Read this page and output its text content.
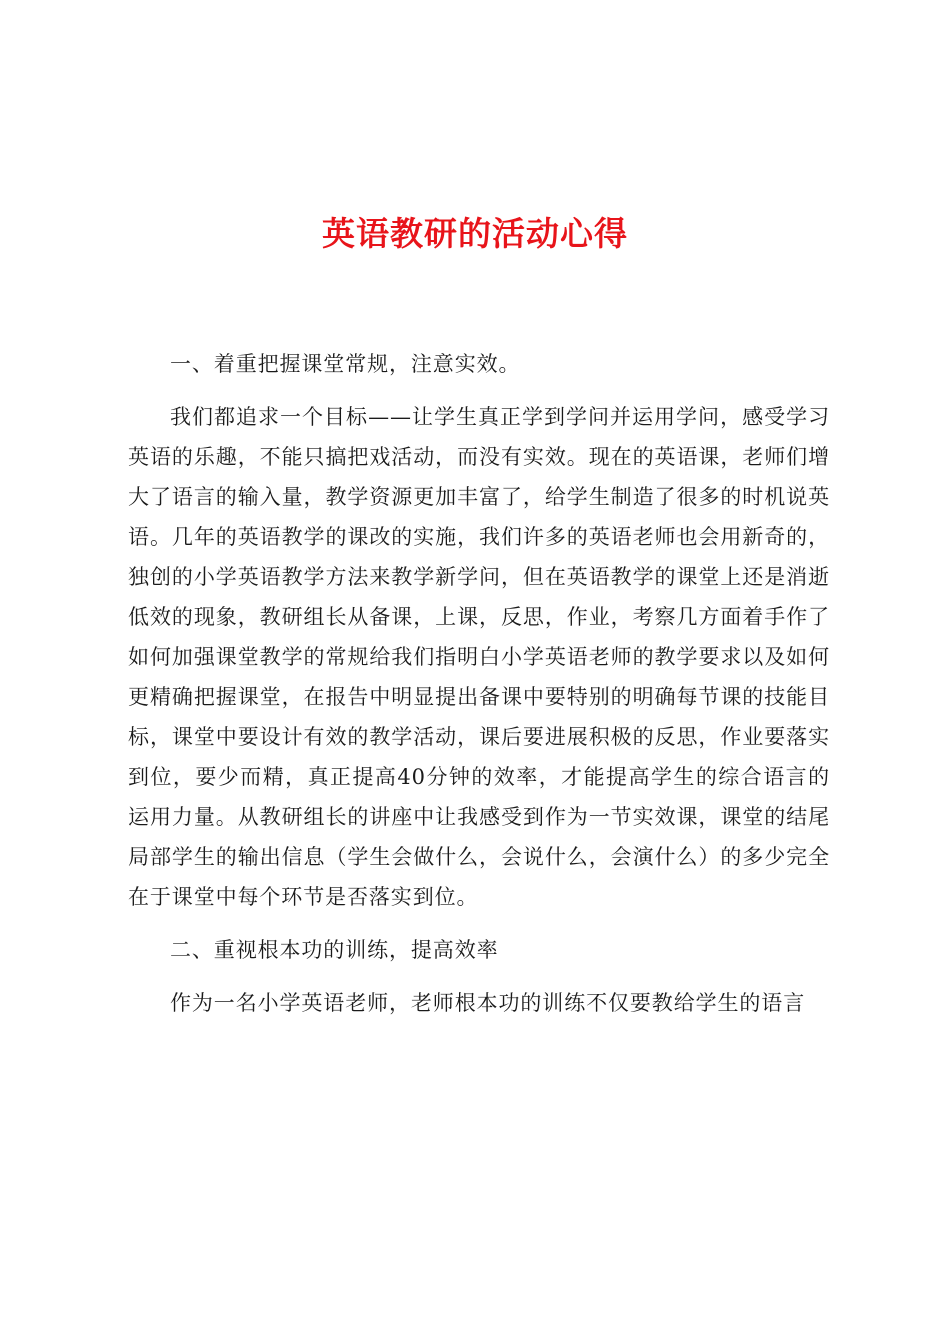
英语教研的活动心得

一、着重把握课堂常规，注意实效。

我们都追求一个目标——让学生真正学到学问并运用学问，感受学习英语的乐趣，不能只搞把戏活动，而没有实效。现在的英语课，老师们增大了语言的输入量，教学资源更加丰富了，给学生制造了很多的时机说英语。几年的英语教学的课改的实施，我们许多的英语老师也会用新奇的，独创的小学英语教学方法来教学新学问，但在英语教学的课堂上还是消逝低效的现象，教研组长从备课，上课，反思，作业，考察几方面着手作了如何加强课堂教学的常规给我们指明白小学英语老师的教学要求以及如何更精确把握课堂，在报告中明显提出备课中要特别的明确每节课的技能目标，课堂中要设计有效的教学活动，课后要进展积极的反思，作业要落实到位，要少而精，真正提高40分钟的效率，才能提高学生的综合语言的运用力量。从教研组长的讲座中让我感受到作为一节实效课，课堂的结尾局部学生的输出信息（学生会做什么，会说什么，会演什么）的多少完全在于课堂中每个环节是否落实到位。

二、重视根本功的训练，提高效率

作为一名小学英语老师，老师根本功的训练不仅要教给学生的语言
